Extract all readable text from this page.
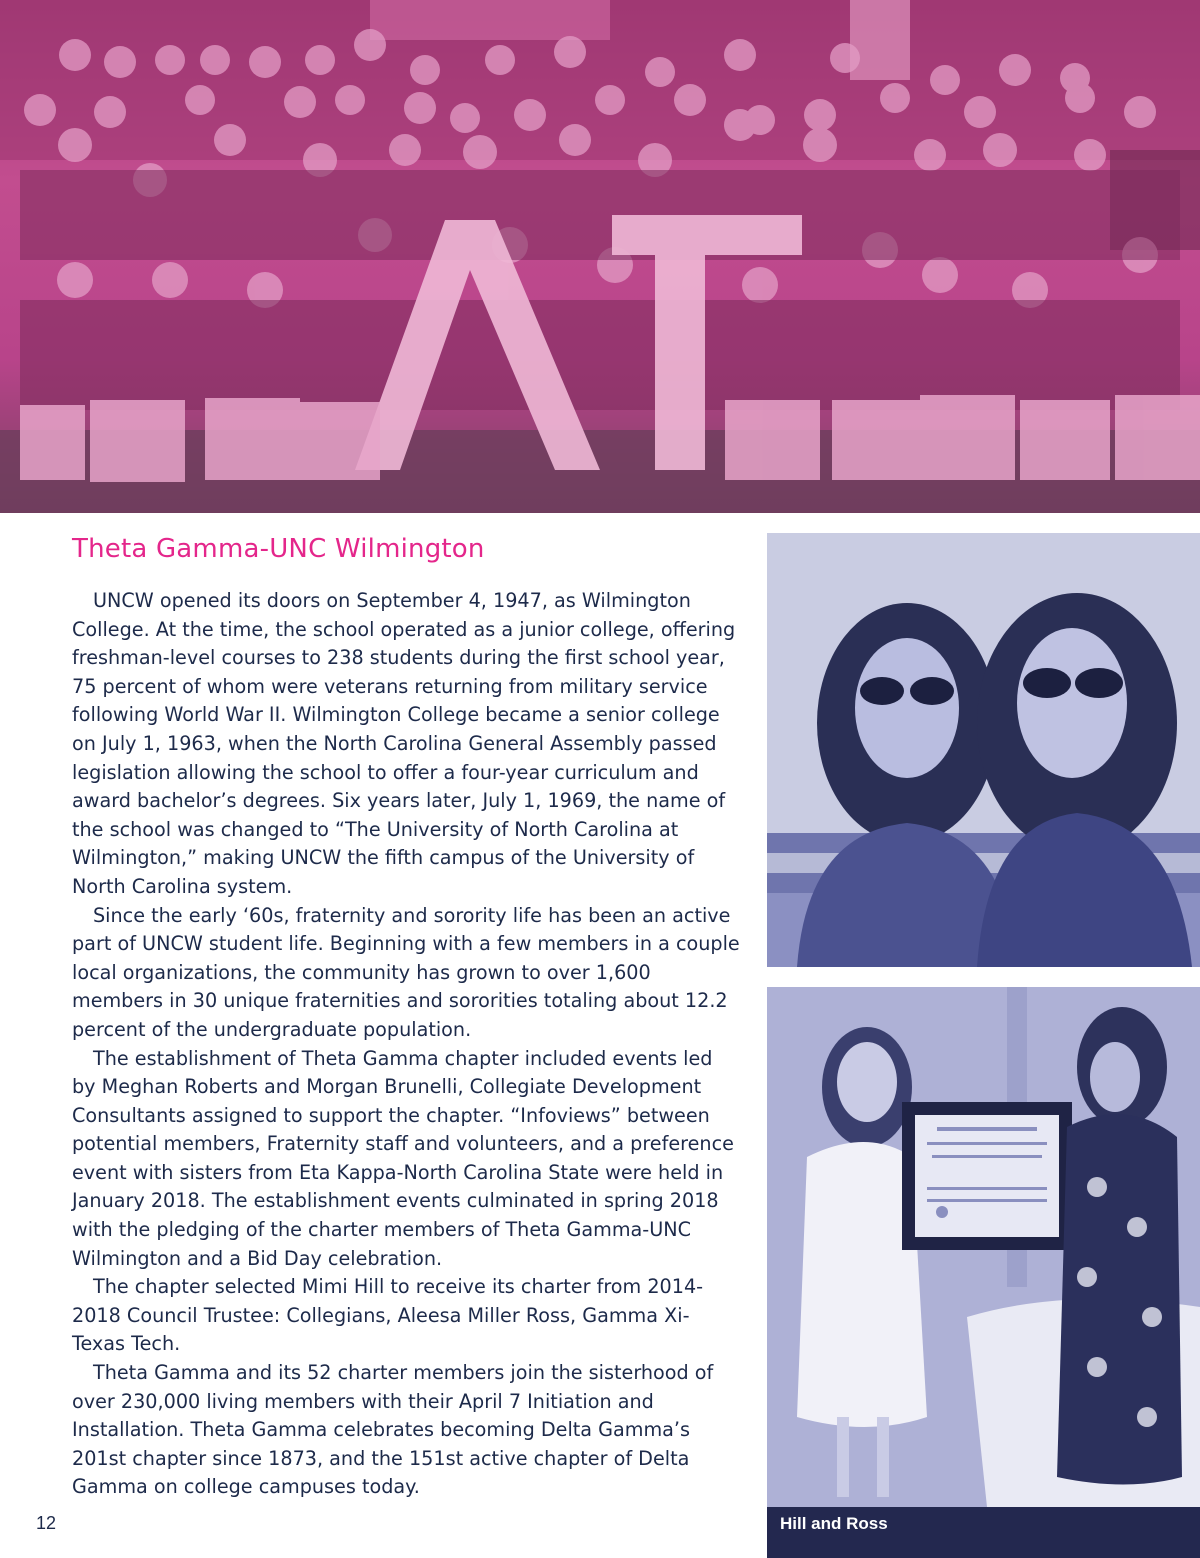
Theta Gamma-UNC Wilmington

UNCW opened its doors on September 4, 1947, as Wilmington College. At the time, the school operated as a junior college, offering freshman-level courses to 238 students during the first school year, 75 percent of whom were veterans returning from military service following World War II. Wilmington College became a senior college on July 1, 1963, when the North Carolina General Assembly passed legislation allowing the school to offer a four-year curriculum and award bachelor’s degrees. Six years later, July 1, 1969, the name of the school was changed to “The University of North Carolina at Wilmington,” making UNCW the fifth campus of the University of North Carolina system.

Since the early ‘60s, fraternity and sorority life has been an active part of UNCW student life. Beginning with a few members in a couple local organizations, the community has grown to over 1,600 members in 30 unique fraternities and sororities totaling about 12.2 percent of the undergraduate population.

The establishment of Theta Gamma chapter included events led by Meghan Roberts and Morgan Brunelli, Collegiate Development Consultants assigned to support the chapter. “Infoviews” between potential members, Fraternity staff and volunteers, and a preference event with sisters from Eta Kappa-North Carolina State were held in January 2018. The establishment events culminated in spring 2018 with the pledging of the charter members of Theta Gamma-UNC Wilmington and a Bid Day celebration.

The chapter selected Mimi Hill to receive its charter from 2014-2018 Council Trustee: Collegians, Aleesa Miller Ross, Gamma Xi-Texas Tech.

Theta Gamma and its 52 charter members join the sisterhood of over 230,000 living members with their April 7 Initiation and Installation. Theta Gamma celebrates becoming Delta Gamma’s 201st chapter since 1873, and the 151st active chapter of Delta Gamma on college campuses today.

12	Hill and Ross
